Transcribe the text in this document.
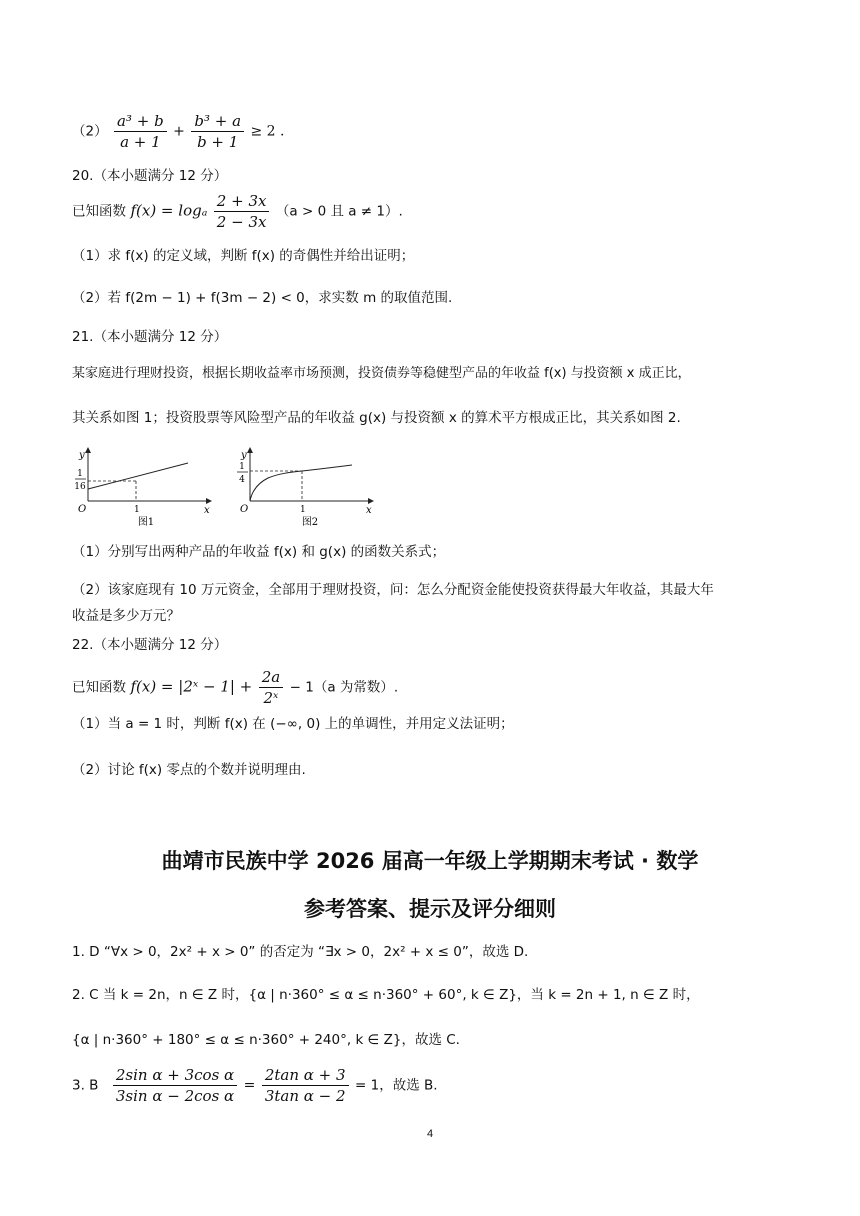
$(2) \frac{\text{a³ + b}}{a + 1} + \frac{\text{b³ + a}}{b + 1} \ge 2$ .
20.（本小题满分 12 分）
已知函数 f(x) = logₐ $\frac{2 + 3x}{2 - 3x} (a > 0$ 且 a ≠ 1）.
（1）求 f(x) 的定义域，判断 f(x) 的奇偶性并给出证明；
（2）若 f(2m − 1) + f(3m − 2) < 0，求实数 m 的取值范围.
21.（本小题满分 12 分）
某家庭进行理财投资，根据长期收益率市场预测，投资债券等稳健型产品的年收益 f(x) 与投资额 x 成正比，
其关系如图 1；投资股票等风险型产品的年收益 g(x) 与投资额 x 的算术平方根成正比，其关系如图 2.
1
16
y
x
O	1
图1
1
4
y
x
O	1
图2
（1）分别写出两种产品的年收益 f(x) 和 g(x) 的函数关系式；
（2）该家庭现有 10 万元资金，全部用于理财投资，问：怎么分配资金能使投资获得最大年收益，其最大年
收益是多少万元？
22.（本小题满分 12 分）
已知函数 f(x) = |2ˣ − $1| + \frac{2a}{\text{2ˣ}} - 1(a$ 为常数）.
（1）当 a = 1 时，判断 f(x) 在 (−∞, 0) 上的单调性，并用定义法证明；
（2）讨论 f(x) 零点的个数并说明理由.
曲靖市民族中学 2026 届高一年级上学期期末考试 · 数学
参考答案、提示及评分细则
1. D “∀x > 0，2x² + x > 0” 的否定为 “∃x > 0，2x² + x ≤ 0”，故选 D.
2. C 当 k = 2n，n ∈ Z 时，{α | n·360° ≤ α ≤ n·360° + 60°, k ∈ Z}，当 k = 2n + 1, n ∈ Z 时，
{α | n·360° + 180° ≤ α ≤ n·360° + 240°, k ∈ Z}，故选 C.
3. B $\frac{\text{2sin α + 3cos α}}{\text{3sin α − 2cos α}} = \frac{\text{2tan α + 3}}{\text{3tan α − 2}} = 1$，故选 B.
4
